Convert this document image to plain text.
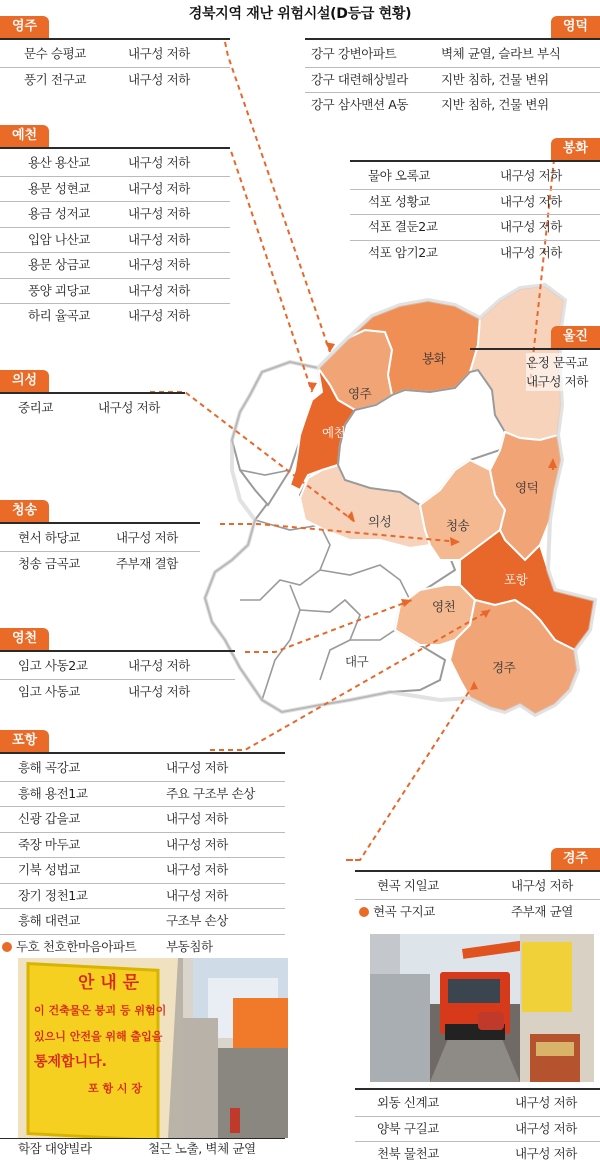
경북지역 재난 위험시설(D등급 현황)
영주
봉화
예천
의성	청송
영덕
포항
영천
경주
대구
영주
문수 승평교	내구성 저하
풍기 전구교	내구성 저하
예천
용산 용산교	내구성 저하
용문 성현교	내구성 저하
용금 성저교	내구성 저하
입암 나산교	내구성 저하
용문 상금교	내구성 저하
풍양 괴당교	내구성 저하
하리 율곡교	내구성 저하
의성
중리교	내구성 저하
청송
현서 하당교	내구성 저하
청송 금곡교	주부재 결함
영천
임고 사동2교	내구성 저하
임고 사동교	내구성 저하
포항
흥해 곡강교	내구성 저하
흥해 용전1교	주요 구조부 손상
신광 갑을교	내구성 저하
죽장 마두교	내구성 저하
기북 성법교	내구성 저하
장기 정천1교	내구성 저하
흥해 대련교	구조부 손상
두호 천호한마음아파트 부동침하
안 내 문
이 건축물은 붕괴 등 위험이
있으니 안전을 위해 출입을
통제합니다.
포 항 시 장
학잠 대양빌라	철근 노출, 벽체 균열
영덕
강구 강변아파트	벽체 균열, 슬라브 부식
강구 대련해상빌라	지반 침하, 건물 변위
강구 삼사맨션 A동	지반 침하, 건물 변위
봉화
물야 오록교	내구성 저하
석포 성황교	내구성 저하
석포 결둔2교	내구성 저하
석포 암기2교	내구성 저하
울진
온정 문곡교
내구성 저하
경주
현곡 지일교	내구성 저하
현곡 구지교	주부재 균열
외동 신계교	내구성 저하
양북 구길교	내구성 저하
천북 물천교	내구성 저하
